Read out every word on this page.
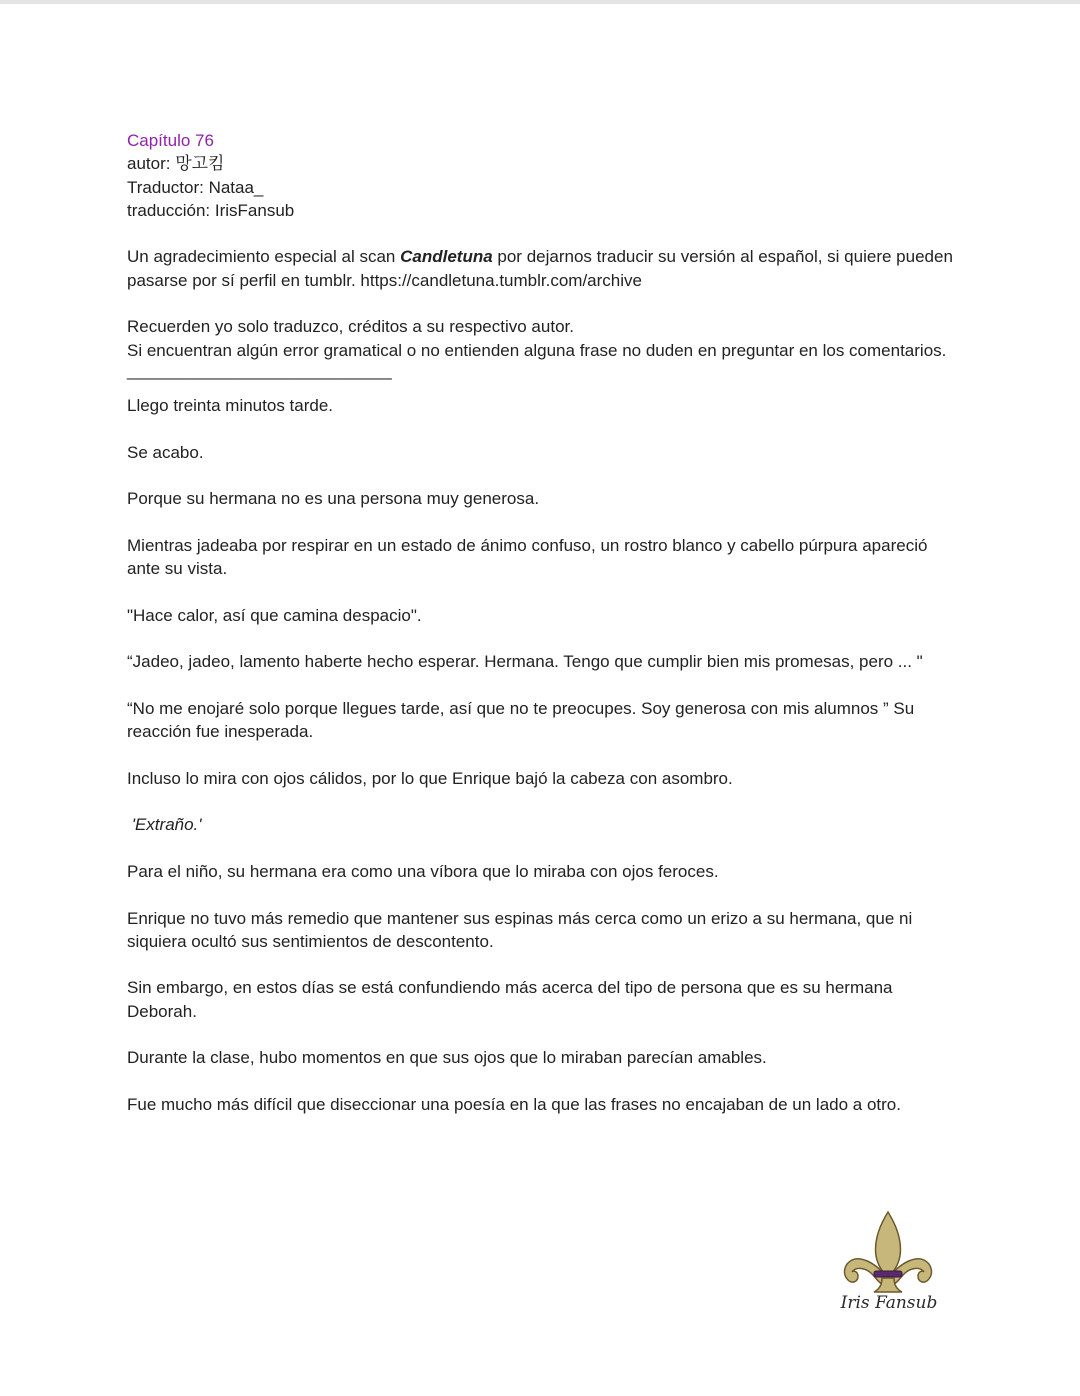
Capítulo 76

autor: 망고킴

Traductor: Nataa_

traducción: IrisFansub

Un agradecimiento especial al scan Candletuna por dejarnos traducir su versión al español, si quiere pueden pasarse por sí perfil en tumblr. https://candletuna.tumblr.com/archive

Recuerden yo solo traduzco, créditos a su respectivo autor.

Si encuentran algún error gramatical o no entienden alguna frase no duden en preguntar en los comentarios.

____________________________

Llego treinta minutos tarde.

Se acabo.

Porque su hermana no es una persona muy generosa.

Mientras jadeaba por respirar en un estado de ánimo confuso, un rostro blanco y cabello púrpura apareció ante su vista.

"Hace calor, así que camina despacio".

“Jadeo, jadeo, lamento haberte hecho esperar. Hermana. Tengo que cumplir bien mis promesas, pero ... "

“No me enojaré solo porque llegues tarde, así que no te preocupes. Soy generosa con mis alumnos ” Su reacción fue inesperada.

Incluso lo mira con ojos cálidos, por lo que Enrique bajó la cabeza con asombro.

'Extraño.'

Para el niño, su hermana era como una víbora que lo miraba con ojos feroces.

Enrique no tuvo más remedio que mantener sus espinas más cerca como un erizo a su hermana, que ni siquiera ocultó sus sentimientos de descontento.

Sin embargo, en estos días se está confundiendo más acerca del tipo de persona que es su hermana Deborah.

Durante la clase, hubo momentos en que sus ojos que lo miraban parecían amables.

Fue mucho más difícil que diseccionar una poesía en la que las frases no encajaban de un lado a otro.

Iris Fansub
